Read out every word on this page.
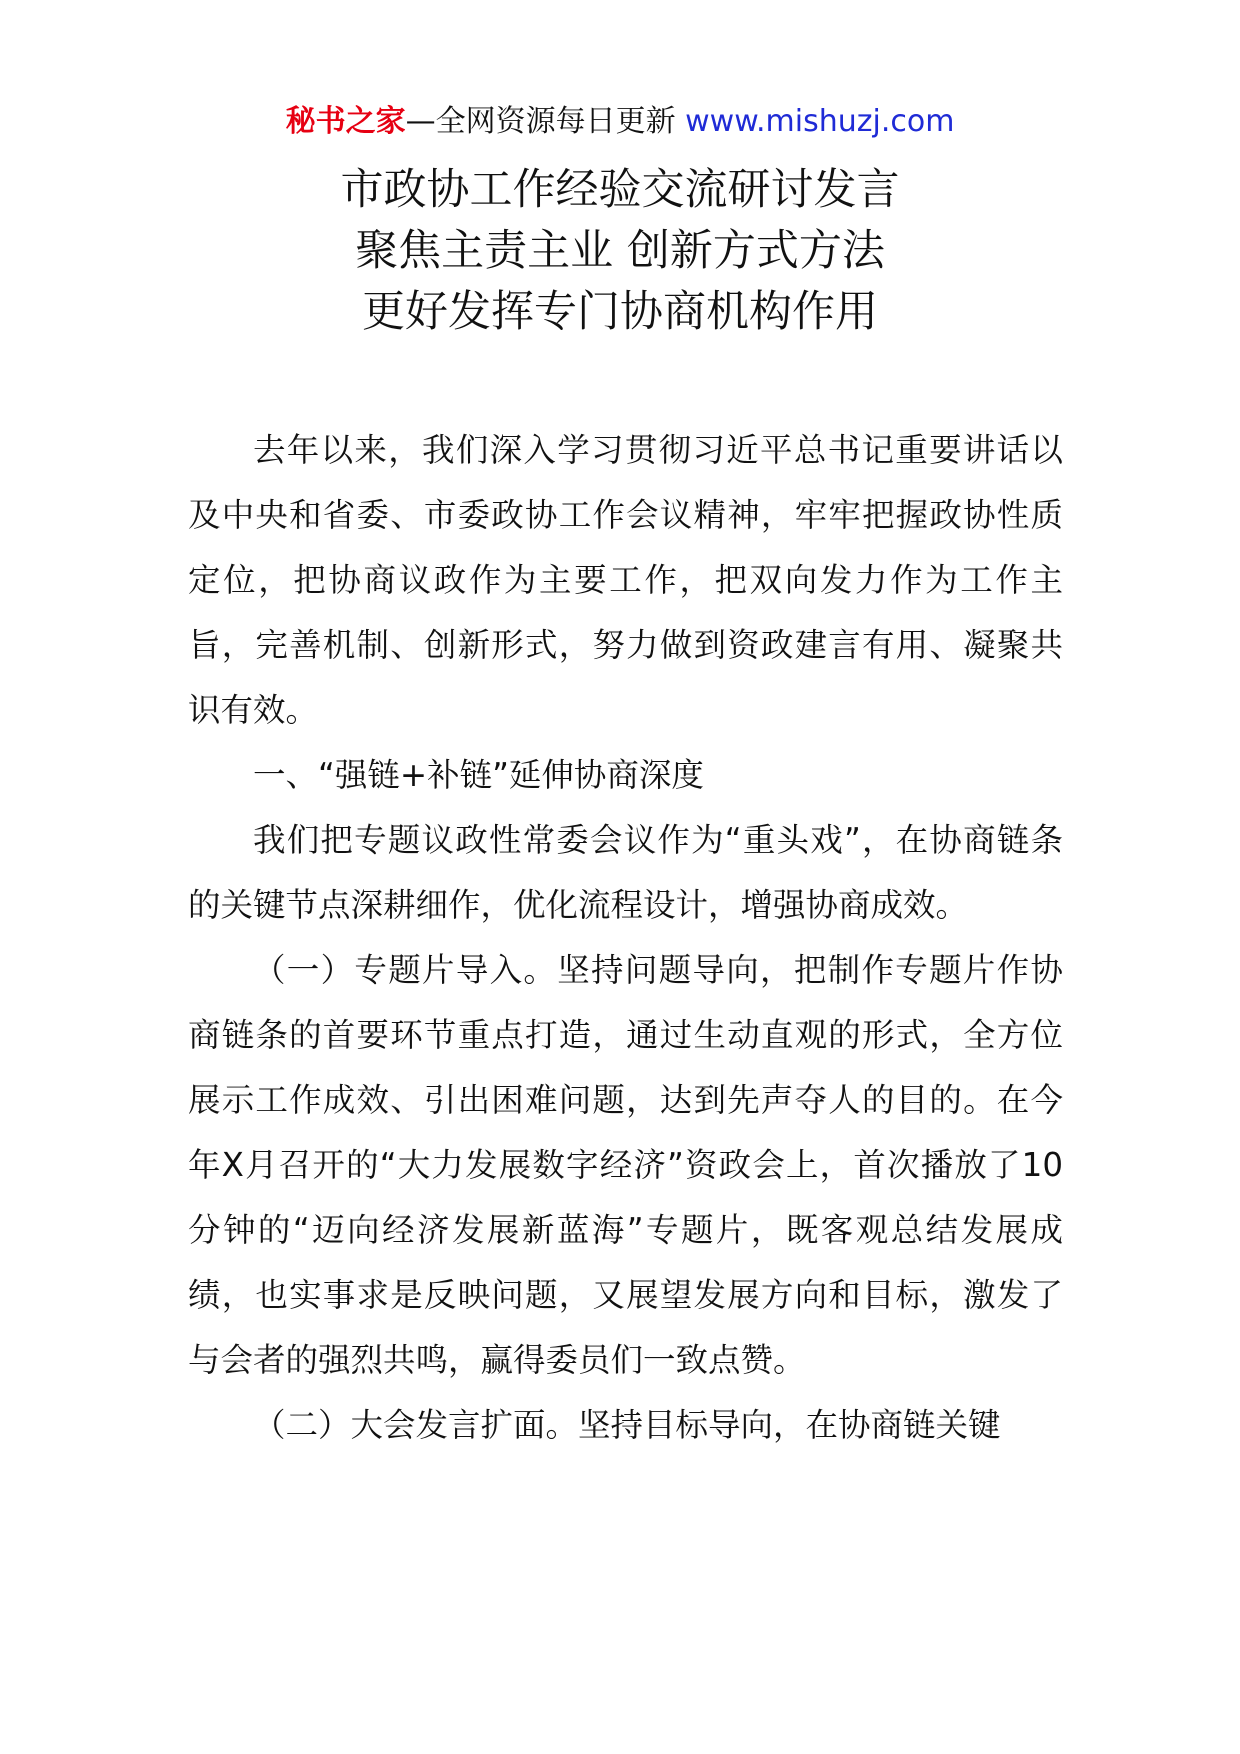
秘书之家—全网资源每日更新 www.mishuzj.com
市政协工作经验交流研讨发言
聚焦主责主业 创新方式方法
更好发挥专门协商机构作用

去年以来，我们深入学习贯彻习近平总书记重要讲话以及中央和省委、市委政协工作会议精神，牢牢把握政协性质定位，把协商议政作为主要工作，把双向发力作为工作主旨，完善机制、创新形式，努力做到资政建言有用、凝聚共识有效。

一、“强链+补链”延伸协商深度

我们把专题议政性常委会议作为“重头戏”，在协商链条的关键节点深耕细作，优化流程设计，增强协商成效。

（一）专题片导入。坚持问题导向，把制作专题片作协商链条的首要环节重点打造，通过生动直观的形式，全方位展示工作成效、引出困难问题，达到先声夺人的目的。在今年X月召开的“大力发展数字经济”资政会上，首次播放了10分钟的“迈向经济发展新蓝海”专题片，既客观总结发展成绩，也实事求是反映问题，又展望发展方向和目标，激发了与会者的强烈共鸣，赢得委员们一致点赞。

（二）大会发言扩面。坚持目标导向，在协商链关键
